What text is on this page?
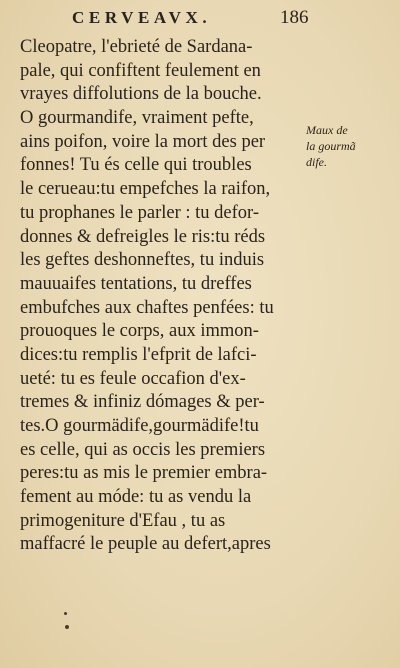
CERVEAVX.	186
Cleopatre, l'ebrieté de Sardana-
pale, qui confiftent feulement en
vrayes diffolutions de la bouche.
O gourmandife, vraiment pefte,
ains poifon, voire la mort des per
fonnes! Tu és celle qui troubles
le cerueau:tu empefches la raifon,
tu prophanes le parler : tu defor-
donnes & defreigles le ris:tu réds
les geftes deshonneftes, tu induis
mauuaifes tentations, tu dreffes
embufches aux chaftes penfées: tu
prouoques le corps, aux immon-
dices:tu remplis l'efprit de lafci-
ueté: tu es feule occafion d'ex-
tremes & infiniz dómages & per-
tes.O gourmädife,gourmädife!tu
es celle, qui as occis les premiers
peres:tu as mis le premier embra-
fement au móde: tu as vendu la
primogeniture d'Efau , tu as
maffacré le peuple au defert,apres
Maux de
la gourmã
dife.
